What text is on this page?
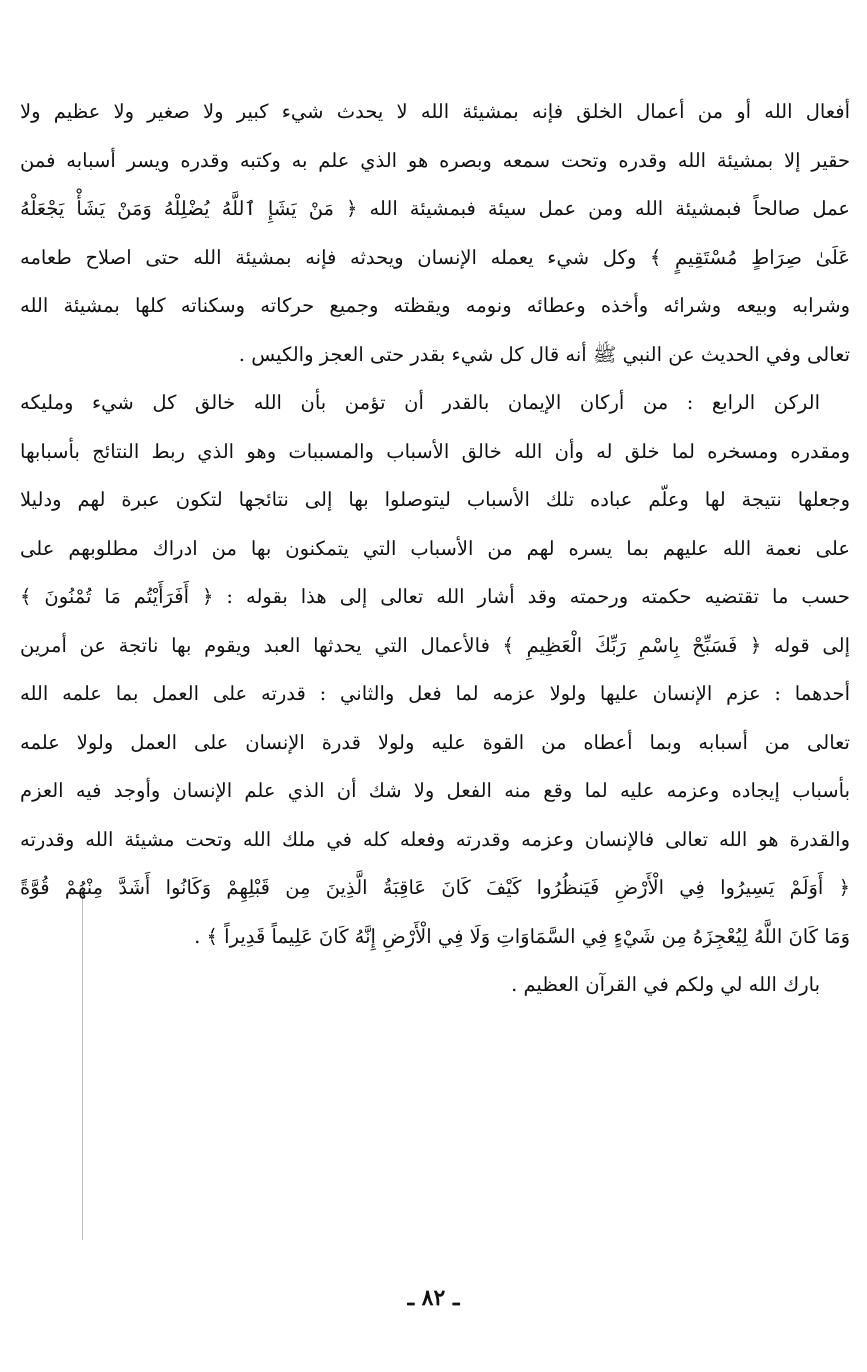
أفعال الله أو من أعمال الخلق فإنه بمشيئة الله لا يحدث شيء كبير ولا صغير ولا عظيم ولا
حقير إلا بمشيئة الله وقدره وتحت سمعه وبصره هو الذي علم به وكتبه وقدره ويسر أسبابه فمن
عمل صالحاً فبمشيئة الله ومن عمل سيئة فبمشيئة الله ﴿ مَنْ يَشَإِ ٱللَّهُ يُضْلِلْهُ وَمَنْ يَشَأْ يَجْعَلْهُ
عَلَىٰ صِرَاطٍ مُسْتَقِيمٍ ﴾ وكل شيء يعمله الإنسان ويحدثه فإنه بمشيئة الله حتى اصلاح طعامه
وشرابه وبيعه وشرائه وأخذه وعطائه ونومه ويقظته وجميع حركاته وسكناته كلها بمشيئة الله
تعالى وفي الحديث عن النبي ﷺ أنه قال كل شيء بقدر حتى العجز والكيس .
الركن الرابع : من أركان الإيمان بالقدر أن تؤمن بأن الله خالق كل شيء ومليكه
ومقدره ومسخره لما خلق له وأن الله خالق الأسباب والمسببات وهو الذي ربط النتائج بأسبابها
وجعلها نتيجة لها وعلّم عباده تلك الأسباب ليتوصلوا بها إلى نتائجها لتكون عبرة لهم ودليلا
على نعمة الله عليهم بما يسره لهم من الأسباب التي يتمكنون بها من ادراك مطلوبهم على
حسب ما تقتضيه حكمته ورحمته وقد أشار الله تعالى إلى هذا بقوله : ﴿ أَفَرَأَيْتُم مَا تُمْنُونَ ﴾
إلى قوله ﴿ فَسَبِّحْ بِاسْمِ رَبِّكَ الْعَظِيمِ ﴾ فالأعمال التي يحدثها العبد ويقوم بها ناتجة عن أمرين
أحدهما : عزم الإنسان عليها ولولا عزمه لما فعل والثاني : قدرته على العمل بما علمه الله
تعالى من أسبابه وبما أعطاه من القوة عليه ولولا قدرة الإنسان على العمل ولولا علمه
بأسباب إيجاده وعزمه عليه لما وقع منه الفعل ولا شك أن الذي علم الإنسان وأوجد فيه العزم
والقدرة هو الله تعالى فالإنسان وعزمه وقدرته وفعله كله في ملك الله وتحت مشيئة الله وقدرته
﴿ أَوَلَمْ يَسِيرُوا فِي الْأَرْضِ فَيَنظُرُوا كَيْفَ كَانَ عَاقِبَةُ الَّذِينَ مِن قَبْلِهِمْ وَكَانُوا أَشَدَّ مِنْهُمْ قُوَّةً
وَمَا كَانَ اللَّهُ لِيُعْجِزَهُ مِن شَيْءٍ فِي السَّمَاوَاتِ وَلَا فِي الْأَرْضِ إِنَّهُ كَانَ عَلِيماً قَدِيراً ﴾ .
بارك الله لي ولكم في القرآن العظيم .
ـ ٨٢ ـ
